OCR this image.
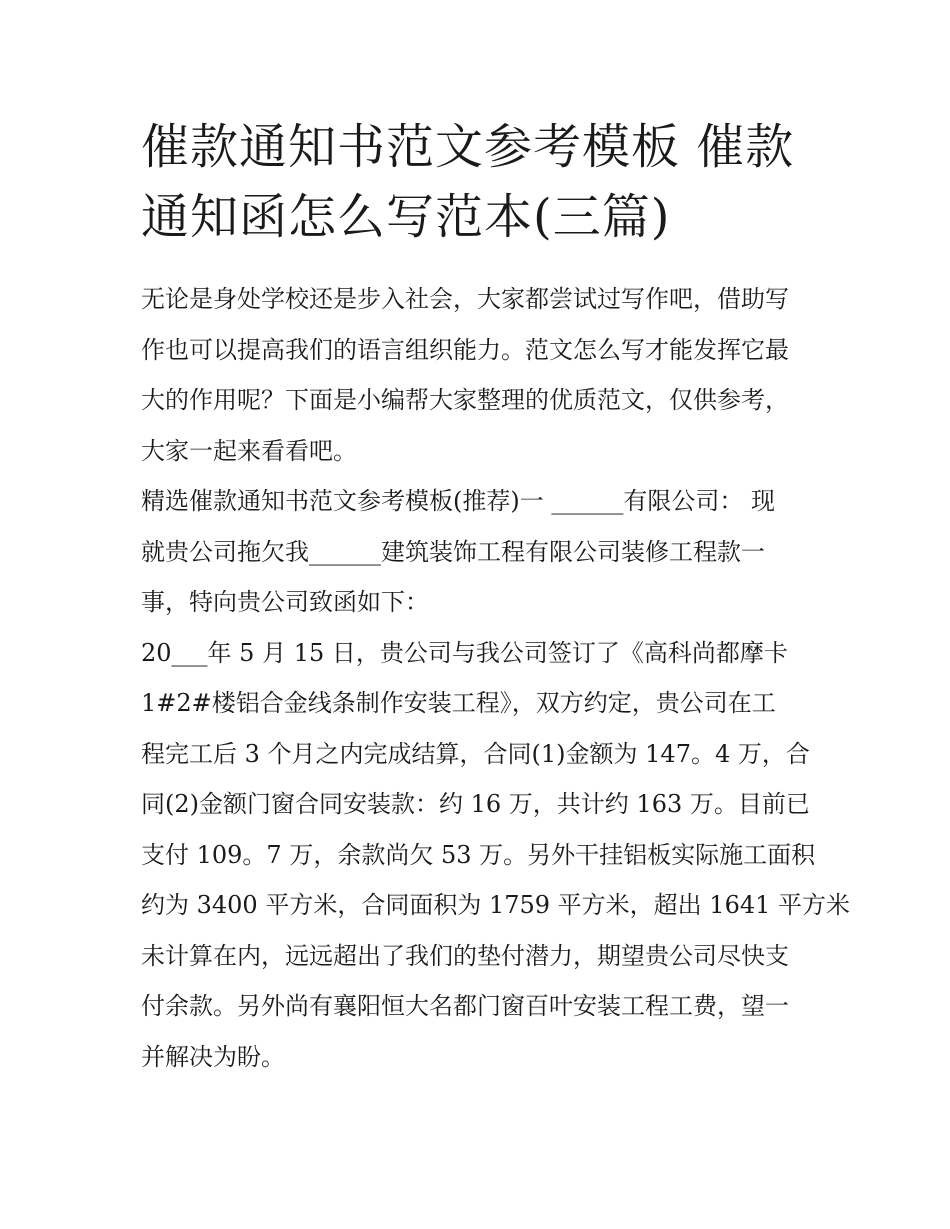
催款通知书范文参考模板 催款
通知函怎么写范本(三篇)

无论是身处学校还是步入社会，大家都尝试过写作吧，借助写
作也可以提高我们的语言组织能力。范文怎么写才能发挥它最
大的作用呢？下面是小编帮大家整理的优质范文，仅供参考，
大家一起来看看吧。

精选催款通知书范文参考模板(推荐)一 ______有限公司： 现
就贵公司拖欠我______建筑装饰工程有限公司装修工程款一
事，特向贵公司致函如下：

20___年 5 月 15 日，贵公司与我公司签订了《高科尚都摩卡
1#2#楼铝合金线条制作安装工程》，双方约定，贵公司在工
程完工后 3 个月之内完成结算，合同(1)金额为 147。4 万，合
同(2)金额门窗合同安装款：约 16 万，共计约 163 万。目前已
支付 109。7 万，余款尚欠 53 万。另外干挂铝板实际施工面积
约为 3400 平方米，合同面积为 1759 平方米，超出 1641 平方米
未计算在内，远远超出了我们的垫付潜力，期望贵公司尽快支
付余款。另外尚有襄阳恒大名都门窗百叶安装工程工费，望一
并解决为盼。
